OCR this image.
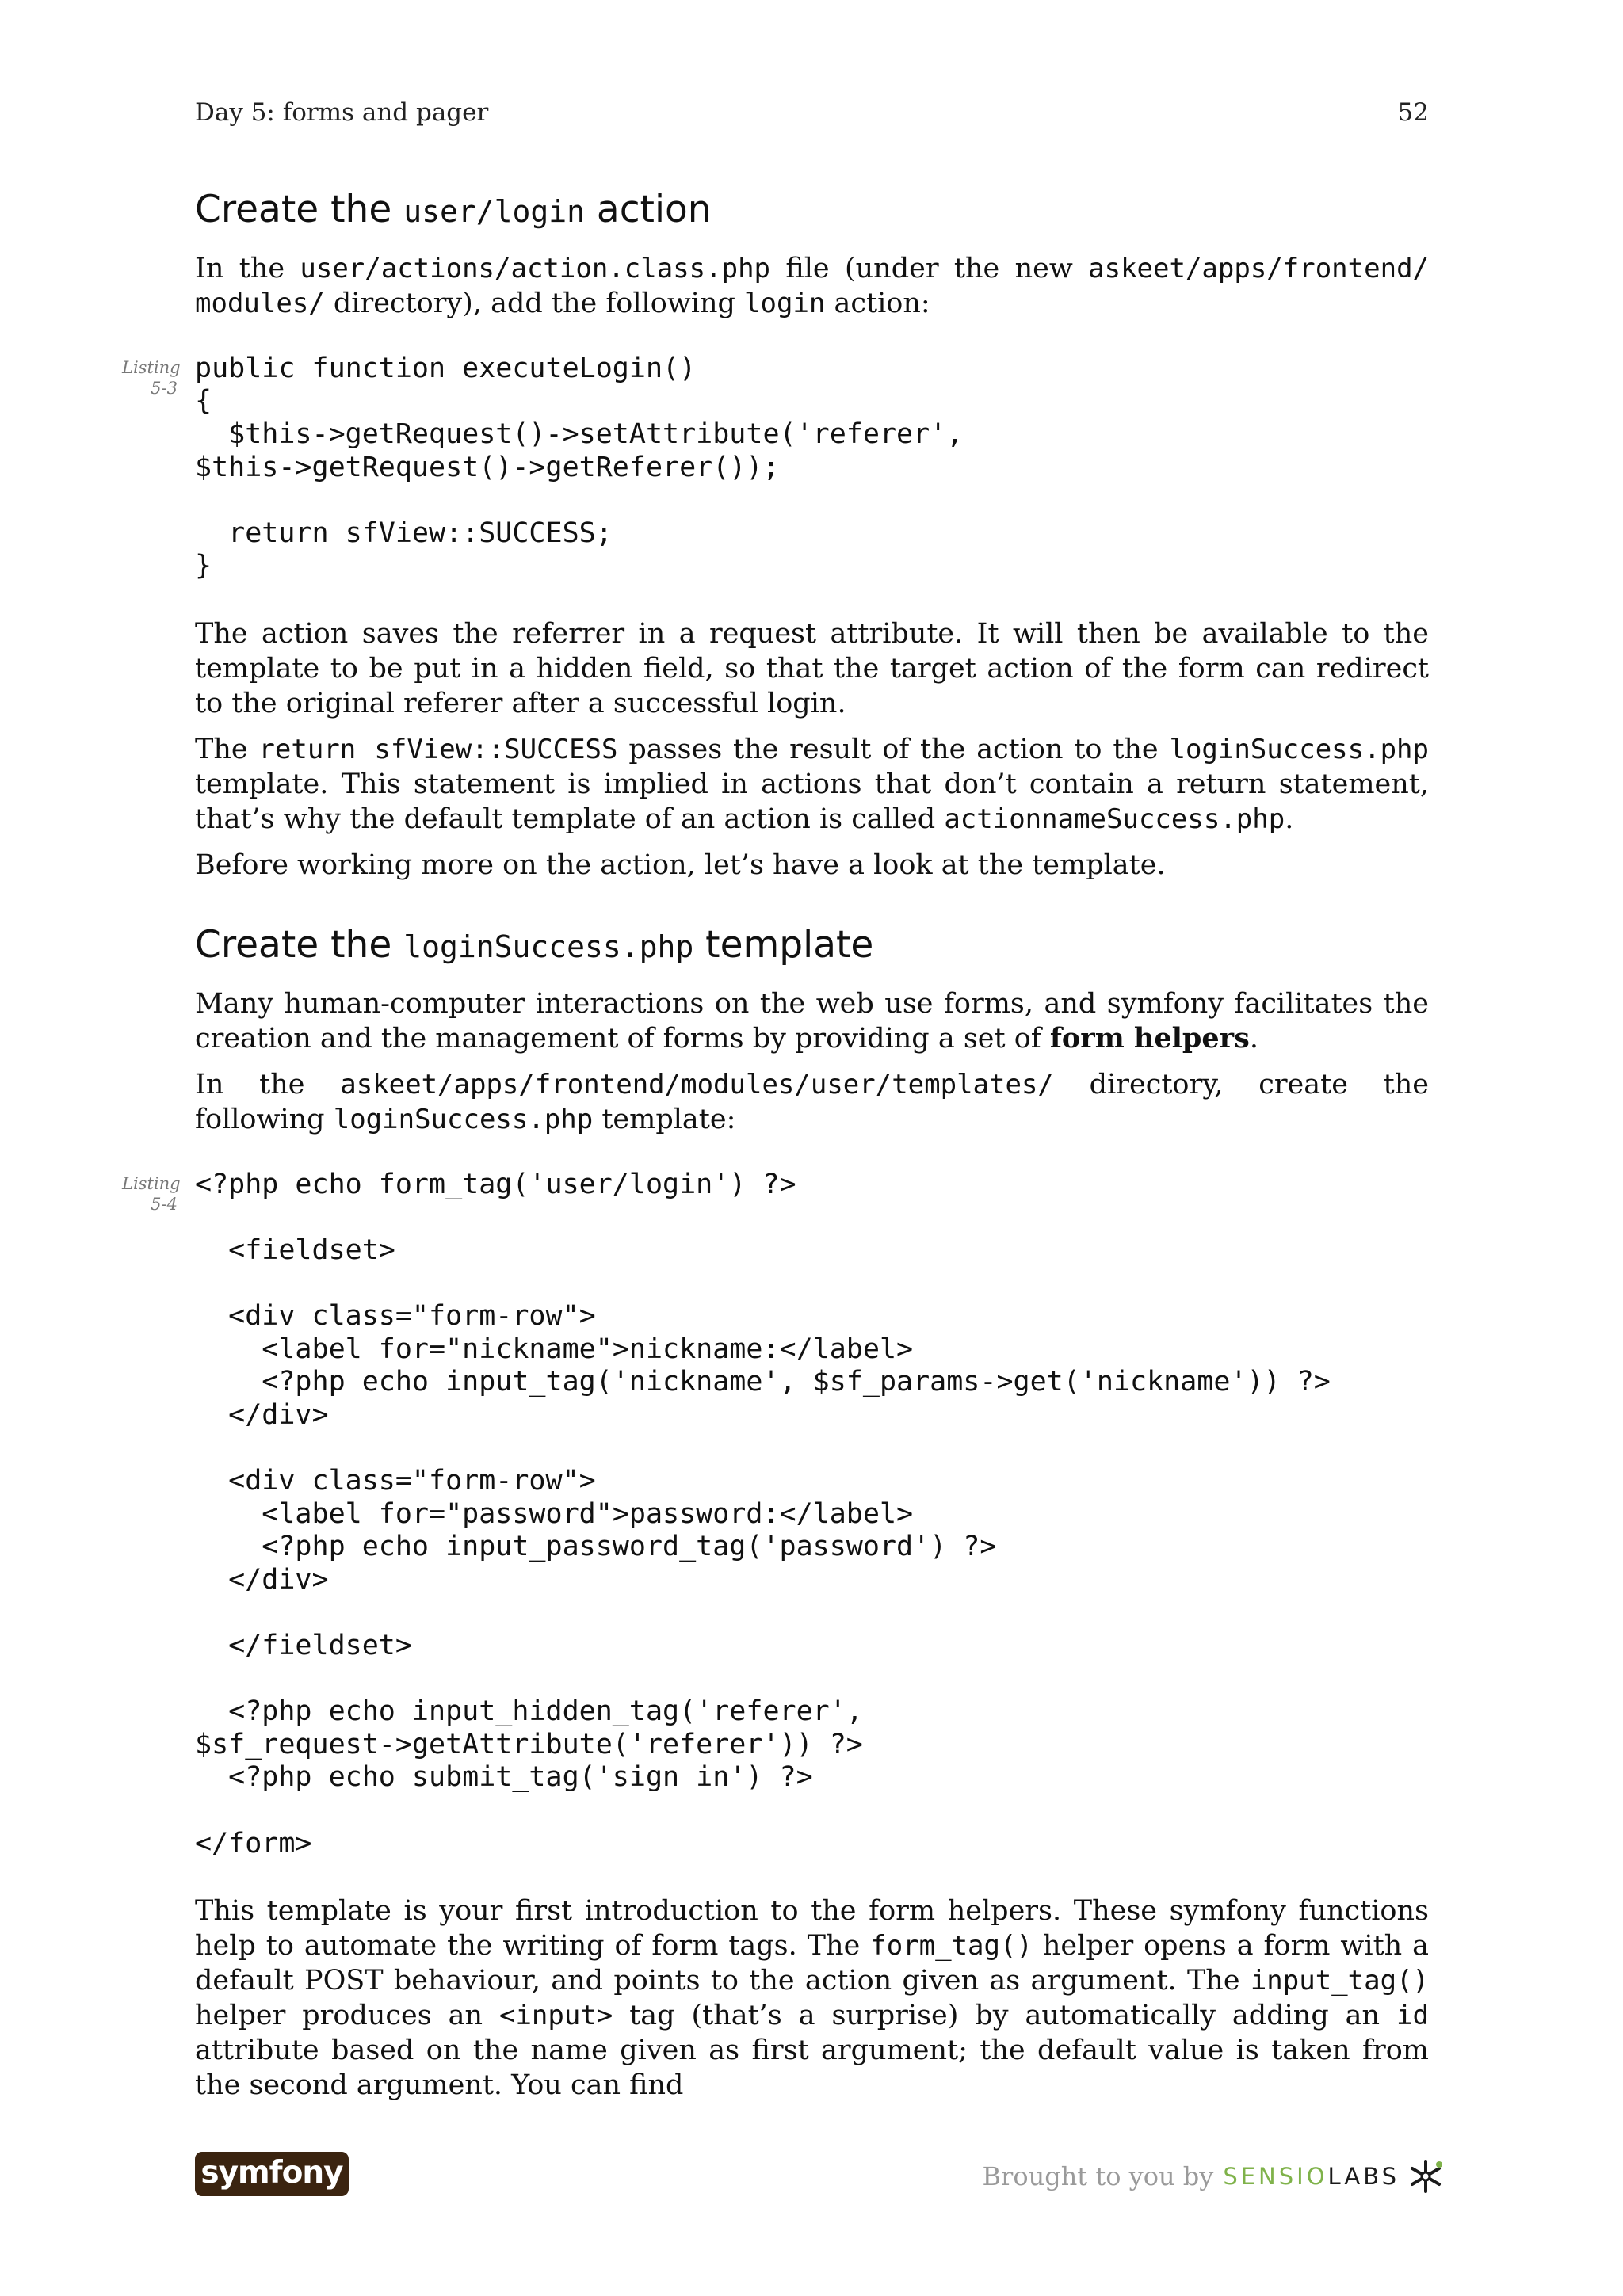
Day 5: forms and pager	52
Create the user/login action

In the user/actions/action.class.php file (under the new askeet/apps/frontend/ modules/ directory), add the following login action:

Listing 5-3
public function executeLogin()
{
$this->getRequest()->setAttribute('referer',
$this->getRequest()->getReferer());

return sfView::SUCCESS;
}

The action saves the referrer in a request attribute. It will then be available to the template to be put in a hidden field, so that the target action of the form can redirect to the original referer after a successful login.

The return sfView::SUCCESS passes the result of the action to the loginSuccess.php template. This statement is implied in actions that don’t contain a return statement, that’s why the default template of an action is called actionnameSuccess.php.

Before working more on the action, let’s have a look at the template.

Create the loginSuccess.php template

Many human-computer interactions on the web use forms, and symfony facilitates the creation and the management of forms by providing a set of form helpers.

In the askeet/apps/frontend/modules/user/templates/ directory, create the following loginSuccess.php template:

Listing 5-4
<?php echo form_tag('user/login') ?>

<fieldset>

<div class="form-row">
<label for="nickname">nickname:</label>
<?php echo input_tag('nickname', $sf_params->get('nickname')) ?>
</div>

<div class="form-row">
<label for="password">password:</label>
<?php echo input_password_tag('password') ?>
</div>

</fieldset>

<?php echo input_hidden_tag('referer',
$sf_request->getAttribute('referer')) ?>
<?php echo submit_tag('sign in') ?>

</form>

This template is your first introduction to the form helpers. These symfony functions help to automate the writing of form tags. The form_tag() helper opens a form with a default POST behaviour, and points to the action given as argument. The input_tag() helper produces an <input> tag (that’s a surprise) by automatically adding an id attribute based on the name given as first argument; the default value is taken from the second argument. You can find

symfony	Brought to you by SENSIOLABS
